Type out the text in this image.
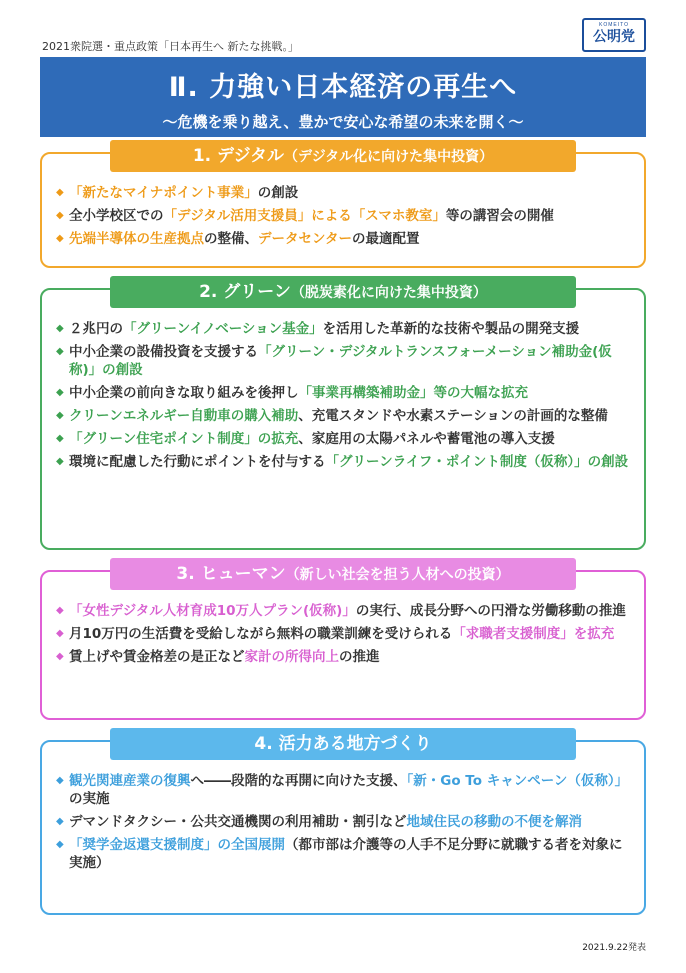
2021衆院選・重点政策「日本再生へ 新たな挑戦。」
KOMEITO
公明党
Ⅱ. 力強い日本経済の再生へ
〜危機を乗り越え、豊かで安心な希望の未来を開く〜
1. デジタル（デジタル化に向けた集中投資）
◆ 「新たなマイナポイント事業」の創設
◆ 全小学校区での「デジタル活用支援員」による「スマホ教室」等の講習会の開催
◆ 先端半導体の生産拠点の整備、データセンターの最適配置
2. グリーン（脱炭素化に向けた集中投資）
◆ ２兆円の「グリーンイノベーション基金」を活用した革新的な技術や製品の開発支援
◆ 中小企業の設備投資を支援する「グリーン・デジタルトランスフォーメーション補助金(仮称)」の創設
◆ 中小企業の前向きな取り組みを後押し「事業再構築補助金」等の大幅な拡充
◆ クリーンエネルギー自動車の購入補助、充電スタンドや水素ステーションの計画的な整備
◆ 「グリーン住宅ポイント制度」の拡充、家庭用の太陽パネルや蓄電池の導入支援
◆ 環境に配慮した行動にポイントを付与する「グリーンライフ・ポイント制度（仮称）」の創設
3. ヒューマン（新しい社会を担う人材への投資）
◆ 「女性デジタル人材育成10万人プラン(仮称)」の実行、成長分野への円滑な労働移動の推進
◆ 月10万円の生活費を受給しながら無料の職業訓練を受けられる「求職者支援制度」を拡充
◆ 賃上げや賃金格差の是正など家計の所得向上の推進
4. 活力ある地方づくり
◆ 観光関連産業の復興へ――段階的な再開に向けた支援、「新・Go To キャンペーン（仮称）」の実施
◆ デマンドタクシー・公共交通機関の利用補助・割引など地域住民の移動の不便を解消
◆ 「奨学金返還支援制度」の全国展開（都市部は介護等の人手不足分野に就職する者を対象に実施）
2021.9.22発表
